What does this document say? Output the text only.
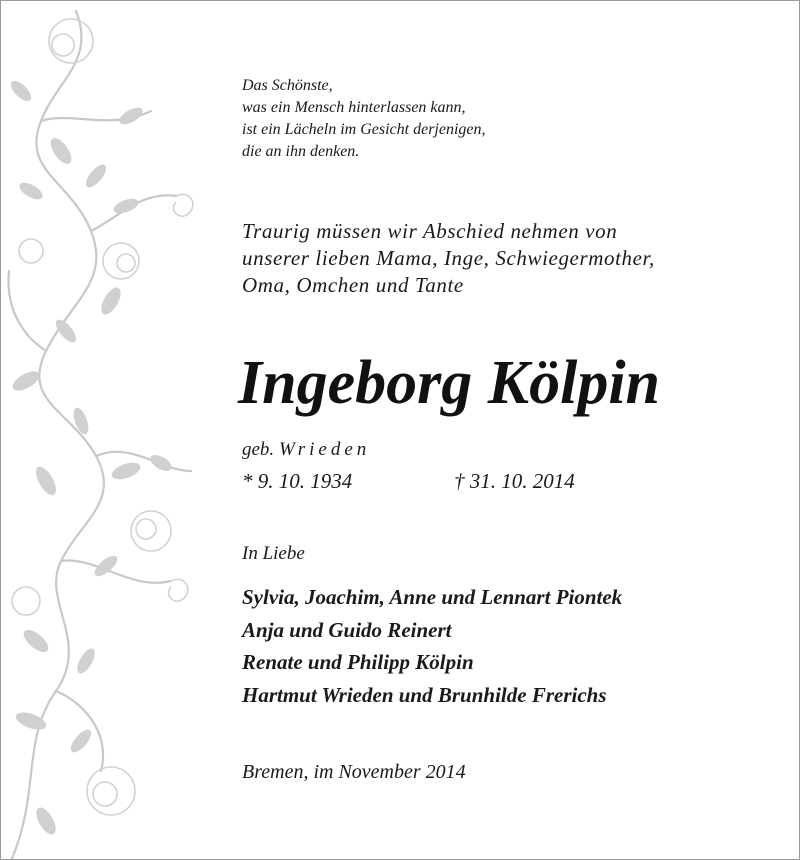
Das Schönste,
was ein Mensch hinterlassen kann,
ist ein Lächeln im Gesicht derjenigen,
die an ihn denken.
Traurig müssen wir Abschied nehmen von
unserer lieben Mama, Inge, Schwiegermother,
Oma, Omchen und Tante
Ingeborg Kölpin
geb. Wrieden
* 9. 10. 1934	† 31. 10. 2014
In Liebe
Sylvia, Joachim, Anne und Lennart Piontek
Anja und Guido Reinert
Renate und Philipp Kölpin
Hartmut Wrieden und Brunhilde Frerichs
Bremen, im November 2014
